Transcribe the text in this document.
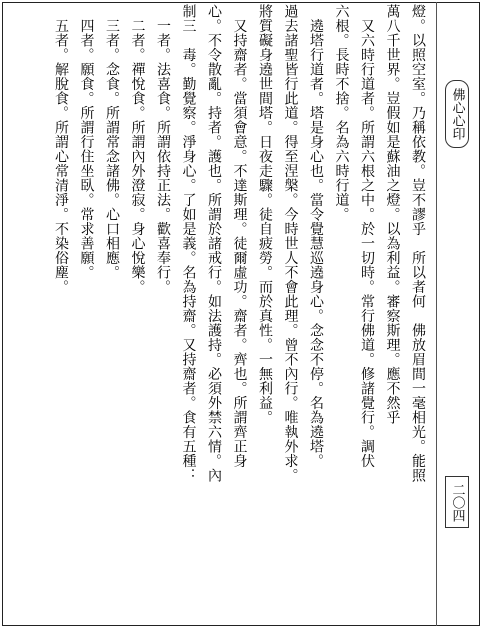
燈。以照空室。乃稱依教。豈不謬乎　所以者何　佛放眉間一毫相光。能照
萬八千世界。豈假如是蘇油之燈。以為利益。審察斯理。應不然乎
　又六時行道者。所謂六根之中。於一切時。常行佛道。修諸覺行。調伏
六根。長時不捨。名為六時行道。
　遶塔行道者。塔是身心也。當令覺慧巡遶身心。念念不停。名為遶塔。
過去諸聖皆行此道。得至涅槃。今時世人不會此理。曾不內行。唯執外求。
將質礙身遶世間塔。日夜走驟。徒自疲勞。而於真性。一無利益。
　又持齋者。當須會意。不達斯理。徒爾虛功。齋者。齊也。所謂齊正身
心。不令散亂。持者。護也。所謂於諸戒行。如法護持。必須外禁六情。內
制三　毒。勤覺察。淨身心。了如是義。名為持齋。又持齋者。食有五種：
　一者。法喜食。所謂依持正法。歡喜奉行。
　二者。禪悅食。所謂內外澄寂。身心悅樂。
　三者。念食。所謂常念諸佛。心口相應。
　四者。願食。所謂行住坐臥。常求善願。
　五者。解脫食。所謂心常清淨。不染俗塵。	佛心心印
二〇四
